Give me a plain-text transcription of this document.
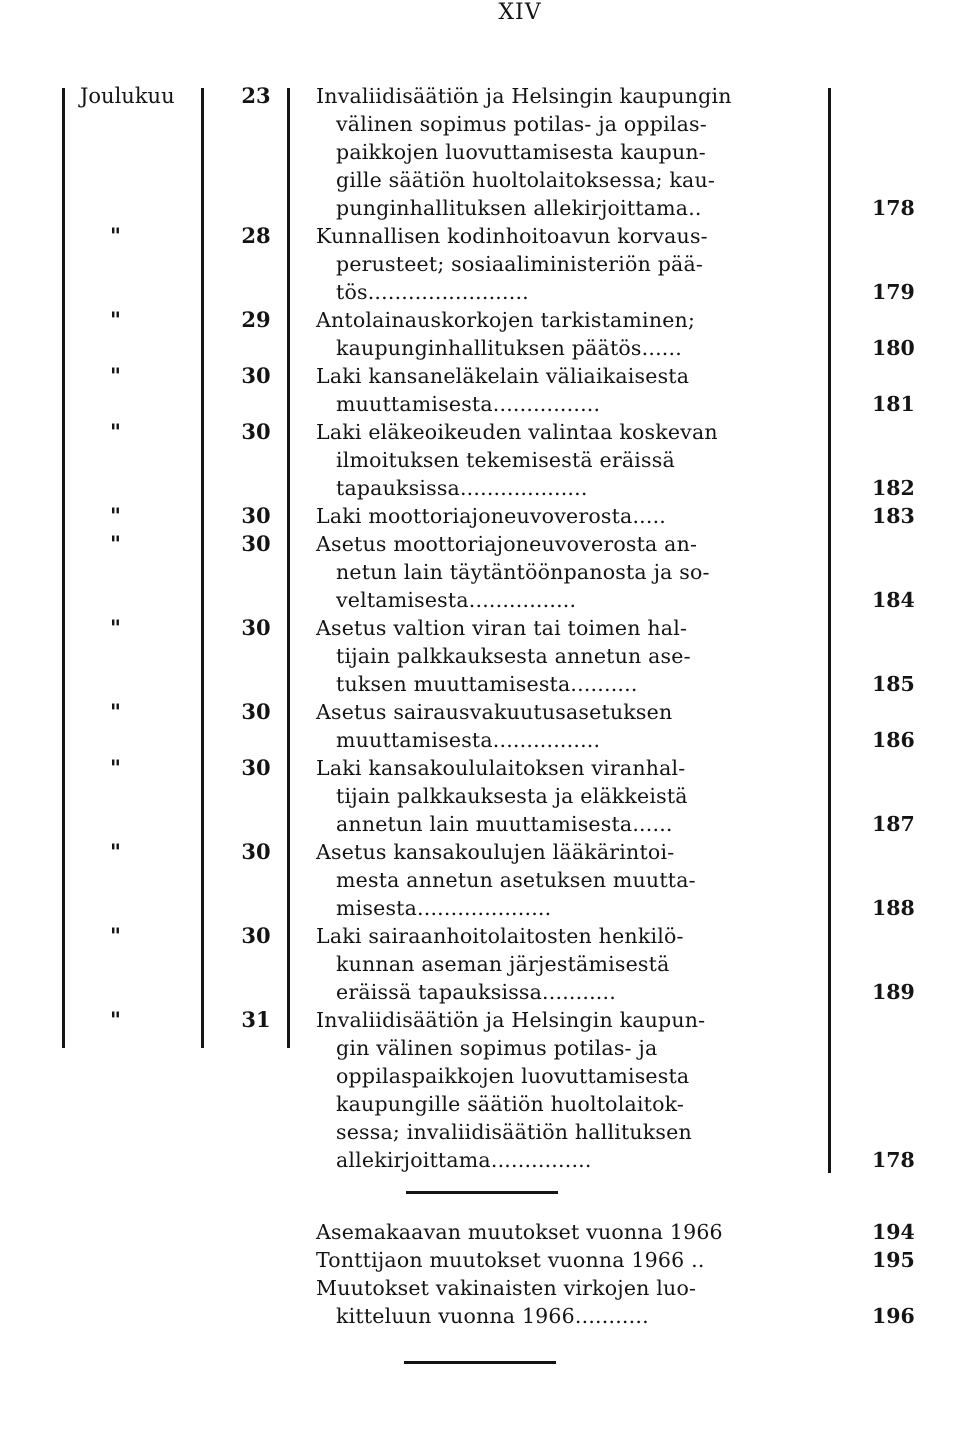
XIV
Joulukuu	23 Invaliidisäätiön ja Helsingin kaupungin
välinen sopimus potilas- ja oppilas-
paikkojen luovuttamisesta kaupun-
gille säätiön huoltolaitoksessa; kau-
punginhallituksen allekirjoittama..	178
"	28 Kunnallisen kodinhoitoavun korvaus-
perusteet; sosiaaliministeriön pää-
tös........................	179
"	29 Antolainauskorkojen tarkistaminen;
kaupunginhallituksen päätös......	180
"	30 Laki kansaneläkelain väliaikaisesta
muuttamisesta................	181
"	30 Laki eläkeoikeuden valintaa koskevan
ilmoituksen tekemisestä eräissä
tapauksissa...................	182
"	30 Laki moottoriajoneuvoverosta.....	183
"	30 Asetus moottoriajoneuvoverosta an-
netun lain täytäntöönpanosta ja so-
veltamisesta................	184
"	30 Asetus valtion viran tai toimen hal-
tijain palkkauksesta annetun ase-
tuksen muuttamisesta..........	185
"	30 Asetus sairausvakuutusasetuksen
muuttamisesta................	186
"	30 Laki kansakoululaitoksen viranhal-
tijain palkkauksesta ja eläkkeistä
annetun lain muuttamisesta......	187
"	30 Asetus kansakoulujen lääkärintoi-
mesta annetun asetuksen muutta-
misesta....................	188
"	30 Laki sairaanhoitolaitosten henkilö-
kunnan aseman järjestämisestä
eräissä tapauksissa...........	189
"	31 Invaliidisäätiön ja Helsingin kaupun-
gin välinen sopimus potilas- ja
oppilaspaikkojen luovuttamisesta
kaupungille säätiön huoltolaitok-
sessa; invaliidisäätiön hallituksen
allekirjoittama...............	178
Asemakaavan muutokset vuonna 1966	194
Tonttijaon muutokset vuonna 1966 ..	195
Muutokset vakinaisten virkojen luo-
kitteluun vuonna 1966...........	196
